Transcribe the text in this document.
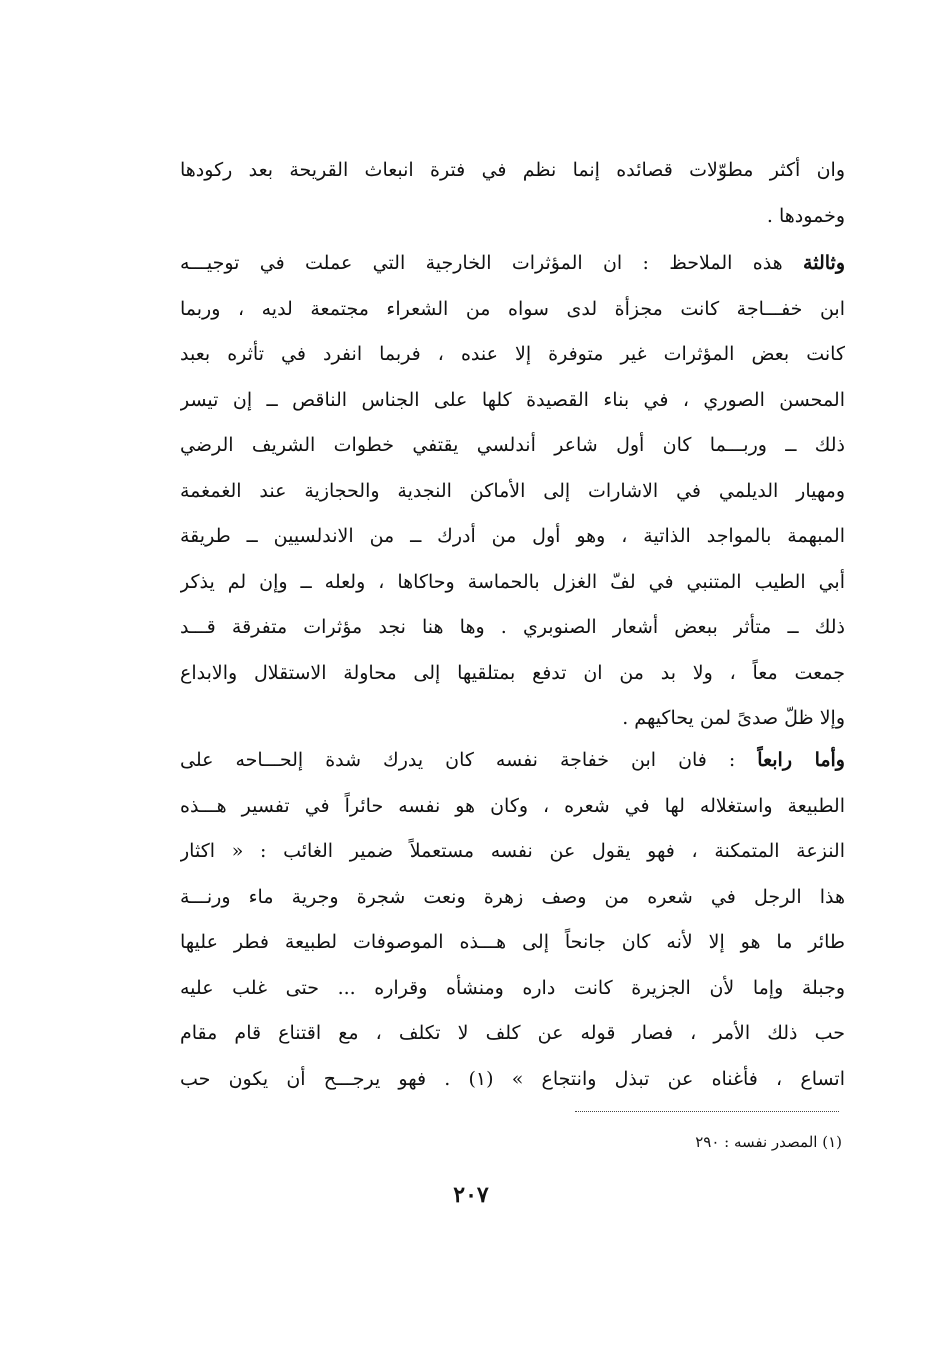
وان أكثر مطوّلات قصائده إنما نظم في فترة انبعاث القريحة بعد ركودها
وخمودها .
وثالثة هذه الملاحظ : ان المؤثرات الخارجية التي عملت في توجيـــه
ابن خفـــاجة كانت مجزأة لدى سواه من الشعراء مجتمعة لديه ، وربما
كانت بعض المؤثرات غير متوفرة إلا عنده ، فربما انفرد في تأثره بعبد
المحسن الصوري ، في بناء القصيدة كلها على الجناس الناقص ــ إن تيسر
ذلك ــ وربـــما كان أول شاعر أندلسي يقتفي خطوات الشريف الرضي
ومهيار الديلمي في الاشارات إلى الأماكن النجدية والحجازية عند الغمغمة
المبهمة بالمواجد الذاتية ، وهو أول من أدرك ــ من الاندلسيين ــ طريقة
أبي الطيب المتنبي في لفّ الغزل بالحماسة وحاكاها ، ولعله ــ وإن لم يذكر
ذلك ــ متأثر ببعض أشعار الصنوبري . وها هنا نجد مؤثرات متفرقة قـــد
جمعت معاً ، ولا بد من ان تدفع بمتلقيها إلى محاولة الاستقلال والابداع
وإلا ظلّ صدىً لمن يحاكيهم .
وأما رابعاً : فان ابن خفاجة نفسه كان يدرك شدة إلحـــاحه على
الطبيعة واستغلاله لها في شعره ، وكان هو نفسه حائراً في تفسير هـــذه
النزعة المتمكنة ، فهو يقول عن نفسه مستعملاً ضمير الغائب : « اكثار
هذا الرجل في شعره من وصف زهرة ونعت شجرة وجرية ماء ورنـــة
طائر ما هو إلا لأنه كان جانحاً إلى هـــذه الموصوفات لطبيعة فطر عليها
وجبلة وإما لأن الجزيرة كانت داره ومنشأه وقراره ... حتى غلب عليه
حب ذلك الأمر ، فصار قوله عن كلف لا تكلف ، مع اقتناع قام مقام
اتساع ، فأغناه عن تبذل وانتجاع » (١) . فهو يرجـــح أن يكون حب
(١) المصدر نفسه : ٢٩٠
٢٠٧
